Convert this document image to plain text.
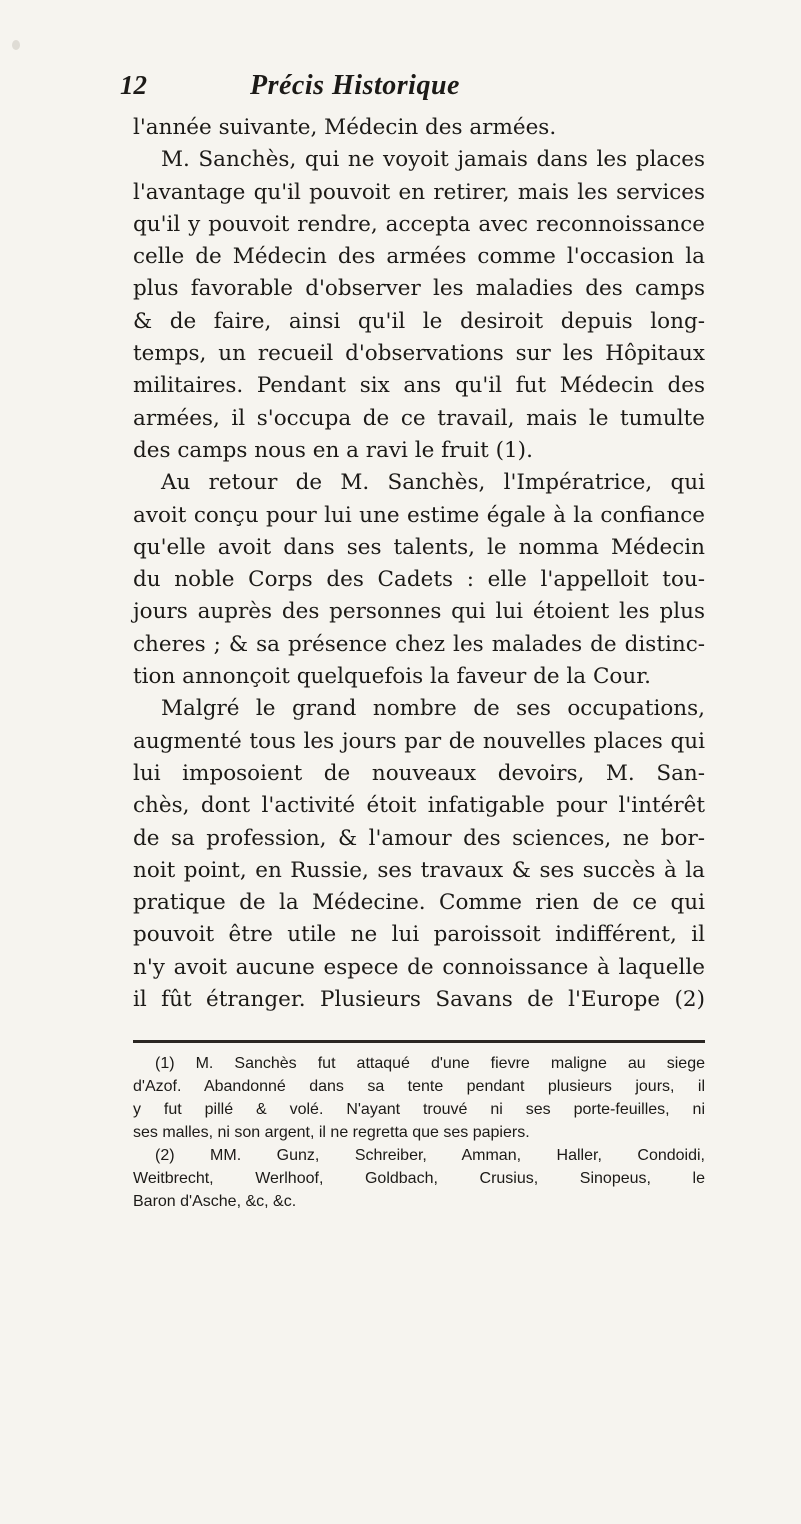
12	Précis Historique
l'année suivante, Médecin des armées.
M. Sanchès, qui ne voyoit jamais dans les places
l'avantage qu'il pouvoit en retirer, mais les services
qu'il y pouvoit rendre, accepta avec reconnoissance
celle de Médecin des armées comme l'occasion la
plus favorable d'observer les maladies des camps
& de faire, ainsi qu'il le desiroit depuis long-
temps, un recueil d'observations sur les Hôpitaux
militaires. Pendant six ans qu'il fut Médecin des
armées, il s'occupa de ce travail, mais le tumulte
des camps nous en a ravi le fruit (1).
Au retour de M. Sanchès, l'Impératrice, qui
avoit conçu pour lui une estime égale à la confiance
qu'elle avoit dans ses talents, le nomma Médecin
du noble Corps des Cadets : elle l'appelloit tou-
jours auprès des personnes qui lui étoient les plus
cheres ; & sa présence chez les malades de distinc-
tion annonçoit quelquefois la faveur de la Cour.
Malgré le grand nombre de ses occupations,
augmenté tous les jours par de nouvelles places qui
lui imposoient de nouveaux devoirs, M. San-
chès, dont l'activité étoit infatigable pour l'intérêt
de sa profession, & l'amour des sciences, ne bor-
noit point, en Russie, ses travaux & ses succès à la
pratique de la Médecine. Comme rien de ce qui
pouvoit être utile ne lui paroissoit indifférent, il
n'y avoit aucune espece de connoissance à laquelle
il fût étranger. Plusieurs Savans de l'Europe (2)
(1) M. Sanchès fut attaqué d'une fievre maligne au siege
d'Azof. Abandonné dans sa tente pendant plusieurs jours, il
y fut pillé & volé. N'ayant trouvé ni ses porte-feuilles, ni
ses malles, ni son argent, il ne regretta que ses papiers.
(2) MM. Gunz, Schreiber, Amman, Haller, Condoidi,
Weitbrecht, Werlhoof, Goldbach, Crusius, Sinopeus, le
Baron d'Asche, &c, &c.
